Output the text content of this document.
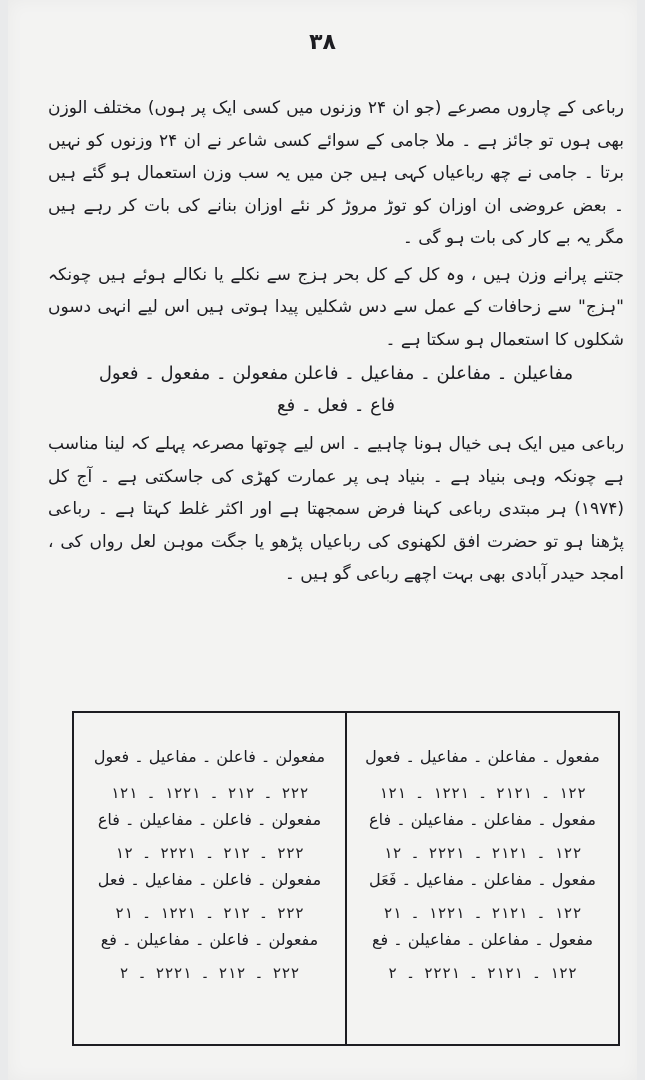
۳۸

رباعی کے چاروں مصرعے (جو ان ۲۴ وزنوں میں کسی ایک پر ہوں) مختلف الوزن بھی ہوں تو جائز ہے ۔ ملا جامی کے سوائے کسی شاعر نے ان ۲۴ وزنوں کو نہیں برتا ۔ جامی نے چھ رباعیاں کہی ہیں جن میں یہ سب وزن استعمال ہو گئے ہیں ۔ بعض عروضی ان اوزان کو توڑ مروڑ کر نئے اوزان بنانے کی بات کر رہے ہیں مگر یہ بے کار کی بات ہو گی ۔

جتنے پرانے وزن ہیں ، وہ کل کے کل بحر ہزج سے نکلے یا نکالے ہوئے ہیں چونکہ "ہزج" سے زحافات کے عمل سے دس شکلیں پیدا ہوتی ہیں اس لیے انہی دسوں شکلوں کا استعمال ہو سکتا ہے ۔

مفاعیلن ۔ مفاعلن ۔ مفاعیل ۔ فاعلن مفعولن ۔ مفعول ۔ فعول

فاع ۔ فعل ۔ فع

رباعی میں ایک ہی خیال ہونا چاہیے ۔ اس لیے چوتھا مصرعہ پہلے کہ لینا مناسب ہے چونکہ وہی بنیاد ہے ۔ بنیاد ہی پر عمارت کھڑی کی جاسکتی ہے ۔ آج کل (۱۹۷۴) ہر مبتدی رباعی کہنا فرض سمجھتا ہے اور اکثر غلط کہتا ہے ۔ رباعی پڑھنا ہو تو حضرت افق لکھنوی کی رباعیاں پڑھو یا جگت موہن لعل رواں کی ، امجد حیدر آبادی بھی بہت اچھے رباعی گو ہیں ۔

مفعول ۔ مفاعلن ۔ مفاعیل ۔ فعول
۱۲۲ ۔ ۲۱۲۱ ۔ ۱۲۲۱ ۔ ۱۲۱
مفعول ۔ مفاعلن ۔ مفاعیلن ۔ فاع
۱۲۲ ۔ ۲۱۲۱ ۔ ۲۲۲۱ ۔ ۱۲
مفعول ۔ مفاعلن ۔ مفاعیل ۔ فَعَل
۱۲۲ ۔ ۲۱۲۱ ۔ ۱۲۲۱ ۔ ۲۱
مفعول ۔ مفاعلن ۔ مفاعیلن ۔ فع
۱۲۲ ۔ ۲۱۲۱ ۔ ۲۲۲۱ ۔ ۲
مفعولن ۔ فاعلن ۔ مفاعیل ۔ فعول
۲۲۲ ۔ ۲۱۲ ۔ ۱۲۲۱ ۔ ۱۲۱
مفعولن ۔ فاعلن ۔ مفاعیلن ۔ فاع
۲۲۲ ۔ ۲۱۲ ۔ ۲۲۲۱ ۔ ۱۲
مفعولن ۔ فاعلن ۔ مفاعیل ۔ فعل
۲۲۲ ۔ ۲۱۲ ۔ ۱۲۲۱ ۔ ۲۱
مفعولن ۔ فاعلن ۔ مفاعیلن ۔ فع
۲۲۲ ۔ ۲۱۲ ۔ ۲۲۲۱ ۔ ۲
